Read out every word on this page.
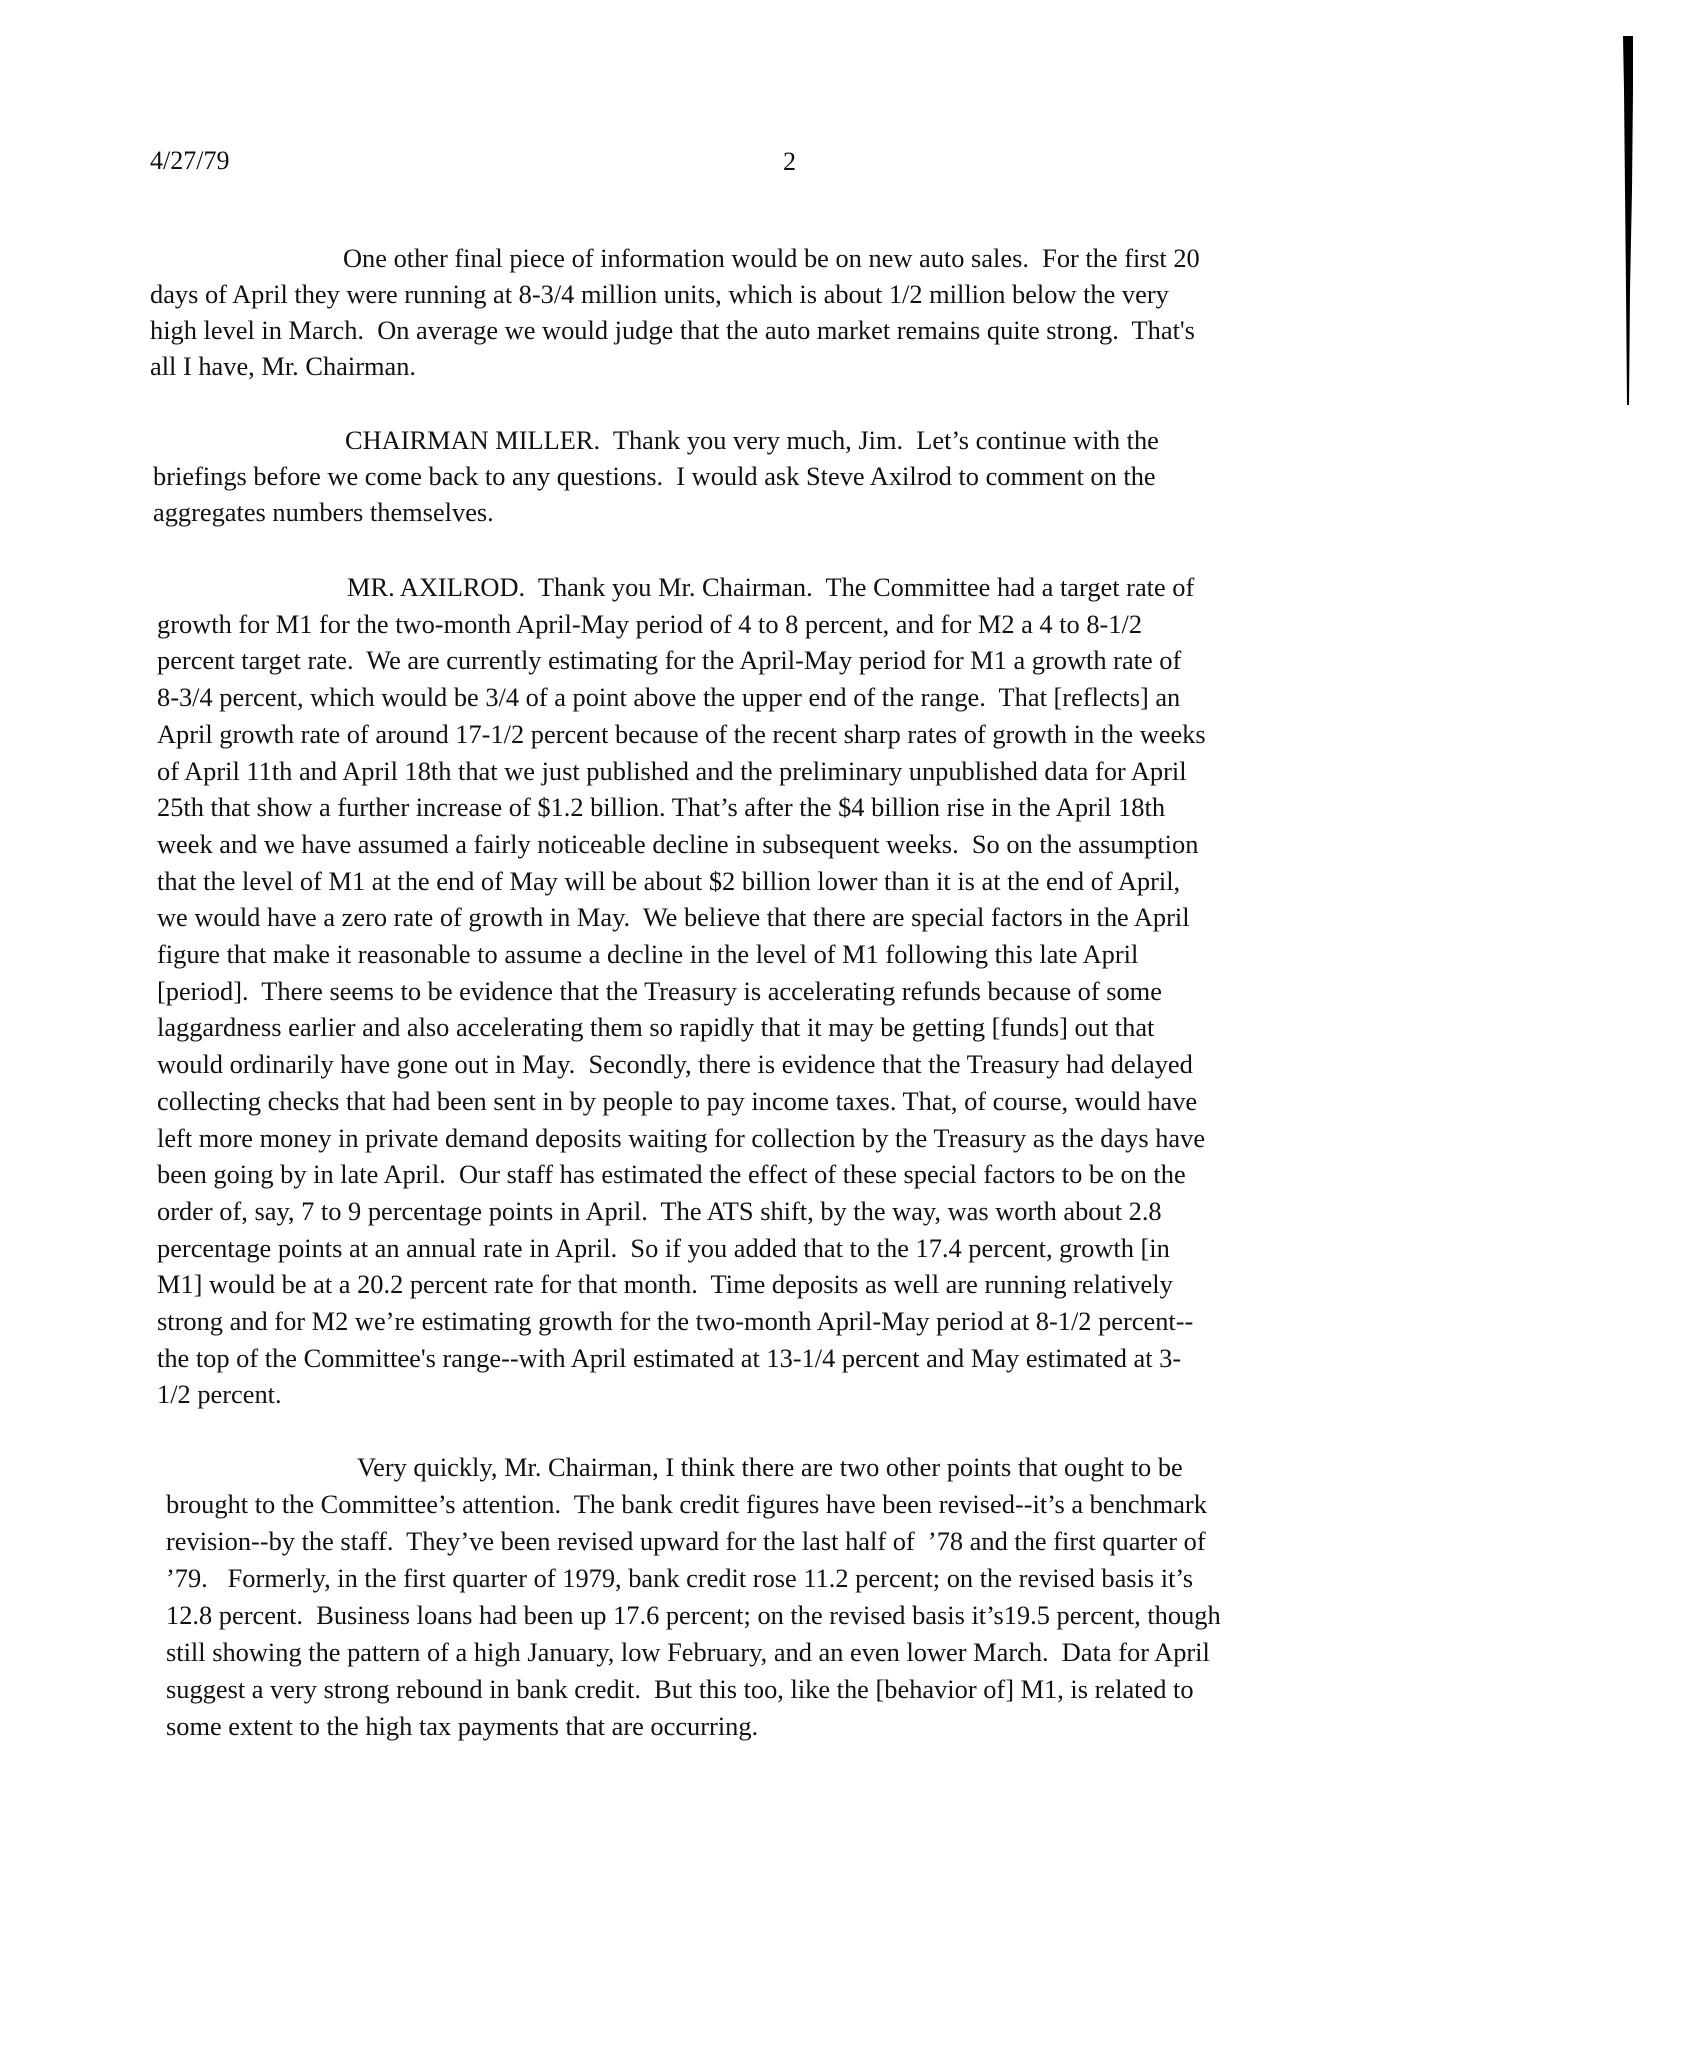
4/27/79	2
One other final piece of information would be on new auto sales.  For the first 20
days of April they were running at 8-3/4 million units, which is about 1/2 million below the very
high level in March.  On average we would judge that the auto market remains quite strong.  That's
all I have, Mr. Chairman.
CHAIRMAN MILLER.  Thank you very much, Jim.  Let’s continue with the
briefings before we come back to any questions.  I would ask Steve Axilrod to comment on the
aggregates numbers themselves.
MR. AXILROD.  Thank you Mr. Chairman.  The Committee had a target rate of
growth for M1 for the two-month April-May period of 4 to 8 percent, and for M2 a 4 to 8-1/2
percent target rate.  We are currently estimating for the April-May period for M1 a growth rate of
8-3/4 percent, which would be 3/4 of a point above the upper end of the range.  That [reflects] an
April growth rate of around 17-1/2 percent because of the recent sharp rates of growth in the weeks
of April 11th and April 18th that we just published and the preliminary unpublished data for April
25th that show a further increase of $1.2 billion. That’s after the $4 billion rise in the April 18th
week and we have assumed a fairly noticeable decline in subsequent weeks.  So on the assumption
that the level of M1 at the end of May will be about $2 billion lower than it is at the end of April,
we would have a zero rate of growth in May.  We believe that there are special factors in the April
figure that make it reasonable to assume a decline in the level of M1 following this late April
[period].  There seems to be evidence that the Treasury is accelerating refunds because of some
laggardness earlier and also accelerating them so rapidly that it may be getting [funds] out that
would ordinarily have gone out in May.  Secondly, there is evidence that the Treasury had delayed
collecting checks that had been sent in by people to pay income taxes. That, of course, would have
left more money in private demand deposits waiting for collection by the Treasury as the days have
been going by in late April.  Our staff has estimated the effect of these special factors to be on the
order of, say, 7 to 9 percentage points in April.  The ATS shift, by the way, was worth about 2.8
percentage points at an annual rate in April.  So if you added that to the 17.4 percent, growth [in
M1] would be at a 20.2 percent rate for that month.  Time deposits as well are running relatively
strong and for M2 we’re estimating growth for the two-month April-May period at 8-1/2 percent--
the top of the Committee's range--with April estimated at 13-1/4 percent and May estimated at 3-
1/2 percent.
Very quickly, Mr. Chairman, I think there are two other points that ought to be
brought to the Committee’s attention.  The bank credit figures have been revised--it’s a benchmark
revision--by the staff.  They’ve been revised upward for the last half of  ’78 and the first quarter of
’79.   Formerly, in the first quarter of 1979, bank credit rose 11.2 percent; on the revised basis it’s
12.8 percent.  Business loans had been up 17.6 percent; on the revised basis it’s19.5 percent, though
still showing the pattern of a high January, low February, and an even lower March.  Data for April
suggest a very strong rebound in bank credit.  But this too, like the [behavior of] M1, is related to
some extent to the high tax payments that are occurring.
